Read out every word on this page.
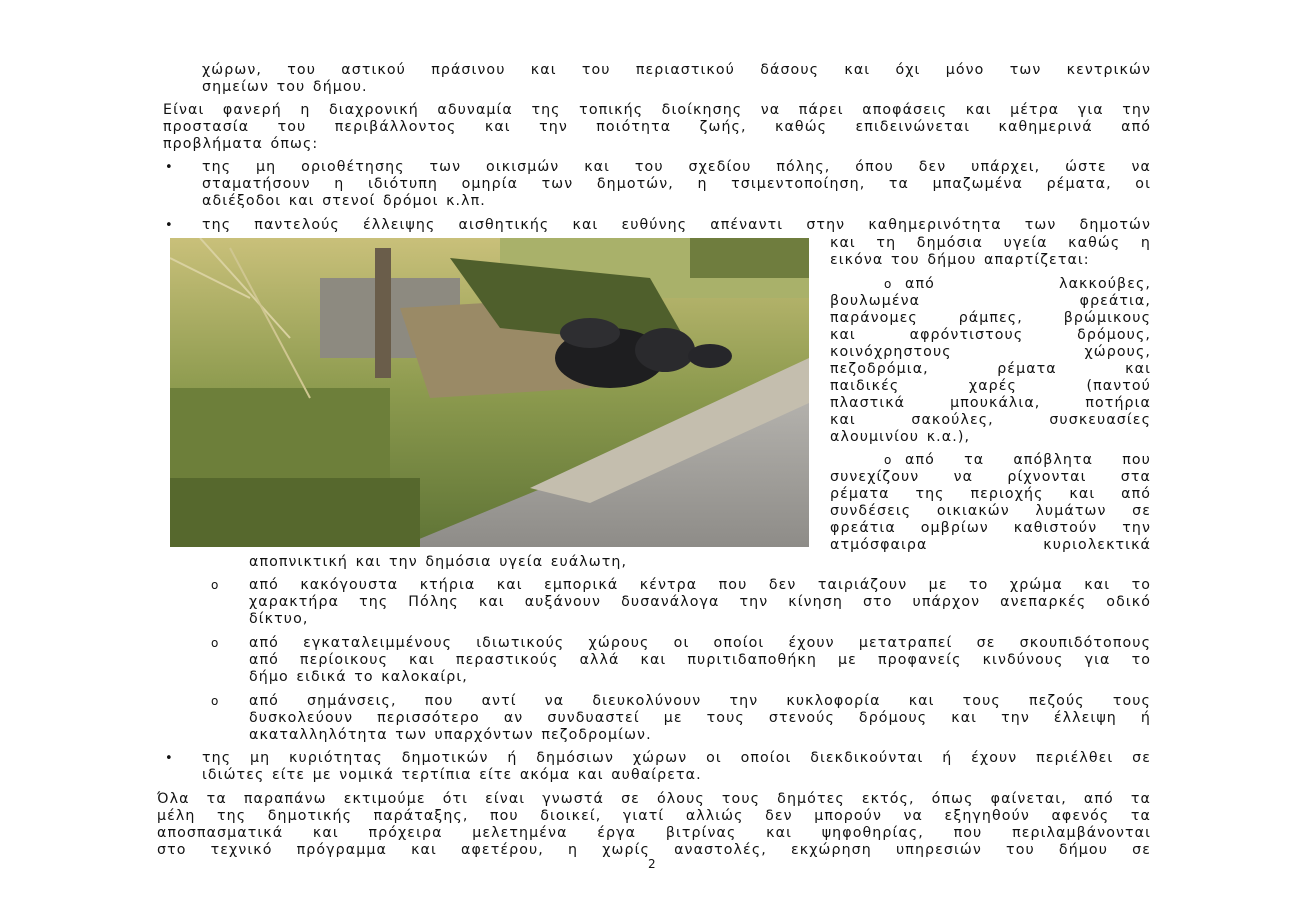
χώρων, του αστικού πράσινου και του περιαστικού δάσους και όχι μόνο των κεντρικών
σημείων του δήμου.
Είναι φανερή η διαχρονική αδυναμία της τοπικής διοίκησης να πάρει αποφάσεις και μέτρα για την
προστασία του περιβάλλοντος και την ποιότητα ζωής, καθώς επιδεινώνεται καθημερινά από
προβλήματα όπως:
• της μη οριοθέτησης των οικισμών και του σχεδίου πόλης, όπου δεν υπάρχει, ώστε να
σταματήσουν η ιδιότυπη ομηρία των δημοτών, η τσιμεντοποίηση, τα μπαζωμένα ρέματα, οι
αδιέξοδοι και στενοί δρόμοι κ.λπ.
• της παντελούς έλλειψης αισθητικής και ευθύνης απέναντι στην καθημερινότητα των δημοτών
και τη δημόσια υγεία καθώς η
εικόνα του δήμου απαρτίζεται:
o από λακκούβες,
βουλωμένα φρεάτια,
παράνομες ράμπες, βρώμικους
και αφρόντιστους δρόμους,
κοινόχρηστους χώρους,
πεζοδρόμια, ρέματα και
παιδικές χαρές (παντού
πλαστικά μπουκάλια, ποτήρια
και σακούλες, συσκευασίες
αλουμινίου κ.α.),
o από τα απόβλητα που
συνεχίζουν να ρίχνονται στα
ρέματα της περιοχής και από
συνδέσεις οικιακών λυμάτων σε
φρεάτια ομβρίων καθιστούν την
ατμόσφαιρα κυριολεκτικά
αποπνικτική και την δημόσια υγεία ευάλωτη,
o από κακόγουστα κτήρια και εμπορικά κέντρα που δεν ταιριάζουν με το χρώμα και το
χαρακτήρα της Πόλης και αυξάνουν δυσανάλογα την κίνηση στο υπάρχον ανεπαρκές οδικό
δίκτυο,
o από εγκαταλειμμένους ιδιωτικούς χώρους οι οποίοι έχουν μετατραπεί σε σκουπιδότοπους
από περίοικους και περαστικούς αλλά και πυριτιδαποθήκη με προφανείς κινδύνους για το
δήμο ειδικά το καλοκαίρι,
o από σημάνσεις, που αντί να διευκολύνουν την κυκλοφορία και τους πεζούς τους
δυσκολεύουν περισσότερο αν συνδυαστεί με τους στενούς δρόμους και την έλλειψη ή
ακαταλληλότητα των υπαρχόντων πεζοδρομίων.
• της μη κυριότητας δημοτικών ή δημόσιων χώρων οι οποίοι διεκδικούνται ή έχουν περιέλθει σε
ιδιώτες είτε με νομικά τερτίπια είτε ακόμα και αυθαίρετα.
Όλα τα παραπάνω εκτιμούμε ότι είναι γνωστά σε όλους τους δημότες εκτός, όπως φαίνεται, από τα
μέλη της δημοτικής παράταξης, που διοικεί, γιατί αλλιώς δεν μπορούν να εξηγηθούν αφενός τα
αποσπασματικά και πρόχειρα μελετημένα έργα βιτρίνας και ψηφοθηρίας, που περιλαμβάνονται
στο τεχνικό πρόγραμμα και αφετέρου, η χωρίς αναστολές, εκχώρηση υπηρεσιών του δήμου σε
2
